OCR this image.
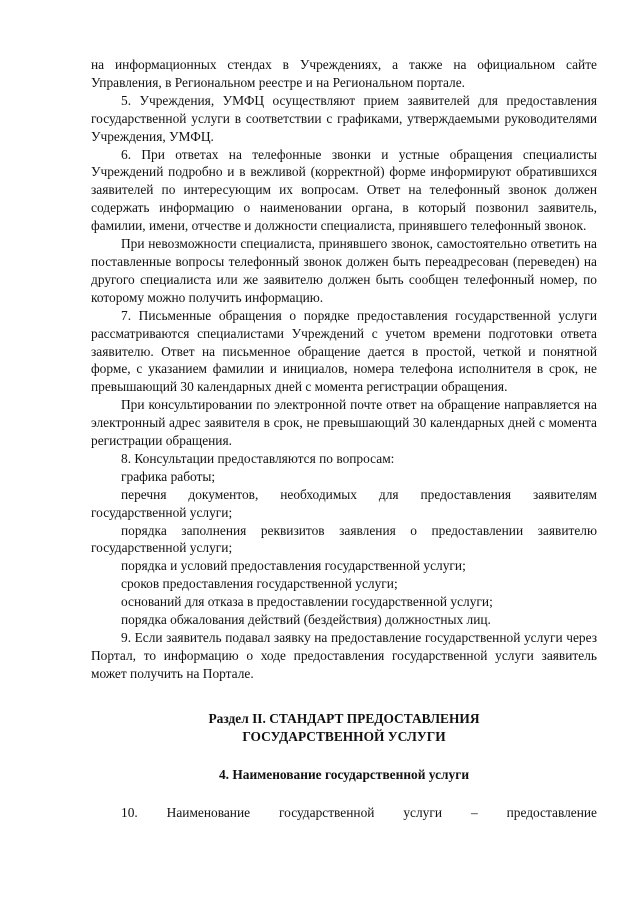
на информационных стендах в Учреждениях, а также на официальном сайте Управления, в Региональном реестре и на Региональном портале.

5. Учреждения, УМФЦ осуществляют прием заявителей для предоставления государственной услуги в соответствии с графиками, утверждаемыми руководителями Учреждения, УМФЦ.

6. При ответах на телефонные звонки и устные обращения специалисты Учреждений подробно и в вежливой (корректной) форме информируют обратившихся заявителей по интересующим их вопросам. Ответ на телефонный звонок должен содержать информацию о наименовании органа, в который позвонил заявитель, фамилии, имени, отчестве и должности специалиста, принявшего телефонный звонок.

При невозможности специалиста, принявшего звонок, самостоятельно ответить на поставленные вопросы телефонный звонок должен быть переадресован (переведен) на другого специалиста или же заявителю должен быть сообщен телефонный номер, по которому можно получить информацию.

7. Письменные обращения о порядке предоставления государственной услуги рассматриваются специалистами Учреждений с учетом времени подготовки ответа заявителю. Ответ на письменное обращение дается в простой, четкой и понятной форме, с указанием фамилии и инициалов, номера телефона исполнителя в срок, не превышающий 30 календарных дней с момента регистрации обращения.

При консультировании по электронной почте ответ на обращение направляется на электронный адрес заявителя в срок, не превышающий 30 календарных дней с момента регистрации обращения.

8. Консультации предоставляются по вопросам:

графика работы;

перечня документов, необходимых для предоставления заявителям государственной услуги;

порядка заполнения реквизитов заявления о предоставлении заявителю государственной услуги;

порядка и условий предоставления государственной услуги;

сроков предоставления государственной услуги;

оснований для отказа в предоставлении государственной услуги;

порядка обжалования действий (бездействия) должностных лиц.

9. Если заявитель подавал заявку на предоставление государственной услуги через Портал, то информацию о ходе предоставления государственной услуги заявитель может получить на Портале.

Раздел II. СТАНДАРТ ПРЕДОСТАВЛЕНИЯ
ГОСУДАРСТВЕННОЙ УСЛУГИ
4. Наименование государственной услуги

10. Наименование государственной услуги – предоставление
